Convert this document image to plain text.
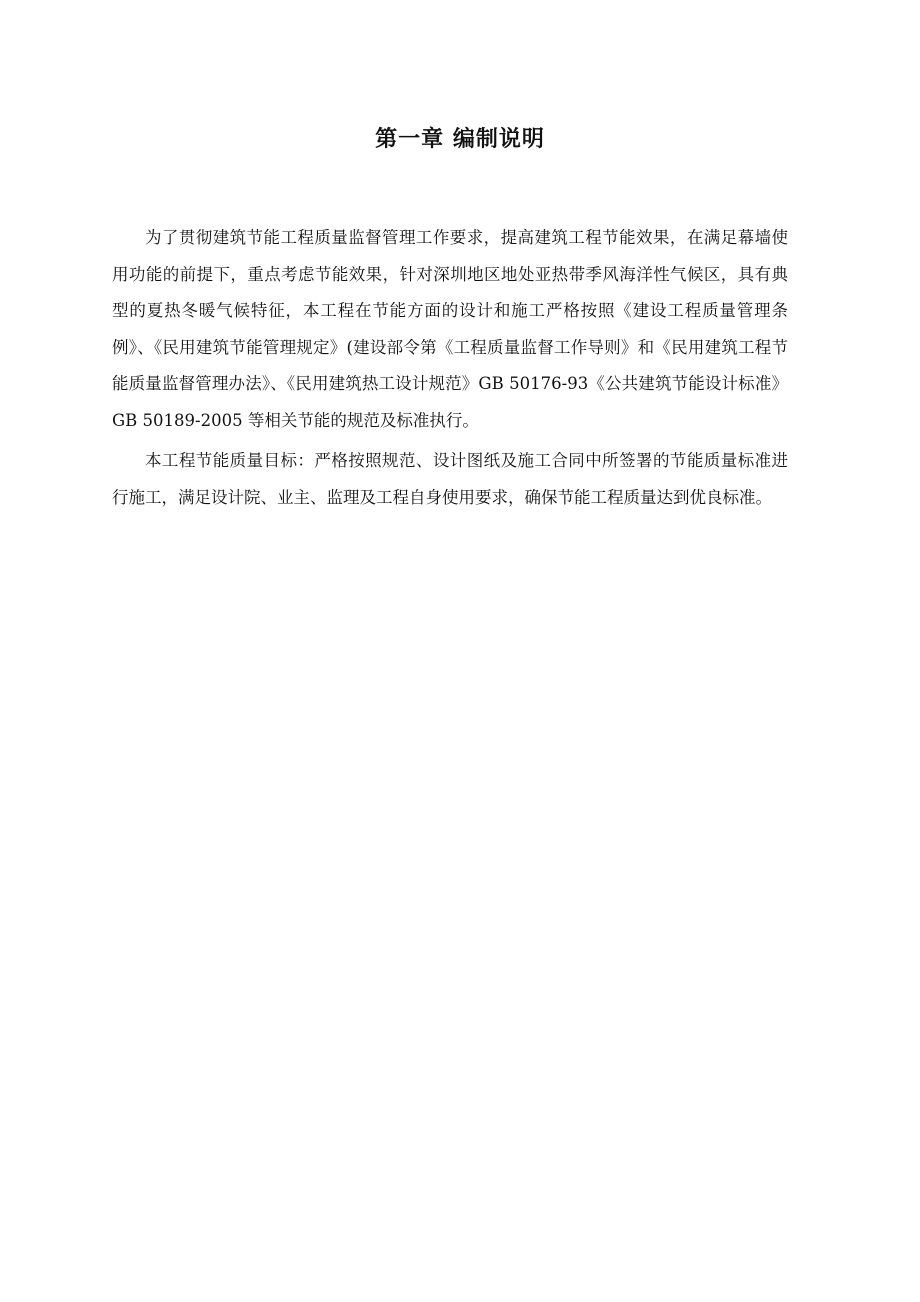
第一章 编制说明

为了贯彻建筑节能工程质量监督管理工作要求，提高建筑工程节能效果，在满足幕墙使用功能的前提下，重点考虑节能效果，针对深圳地区地处亚热带季风海洋性气候区，具有典型的夏热冬暖气候特征，本工程在节能方面的设计和施工严格按照《建设工程质量管理条例》、《民用建筑节能管理规定》(建设部令第《工程质量监督工作导则》和《民用建筑工程节能质量监督管理办法》、《民用建筑热工设计规范》GB 50176-93《公共建筑节能设计标准》GB 50189-2005 等相关节能的规范及标准执行。

本工程节能质量目标：严格按照规范、设计图纸及施工合同中所签署的节能质量标准进行施工，满足设计院、业主、监理及工程自身使用要求，确保节能工程质量达到优良标准。
